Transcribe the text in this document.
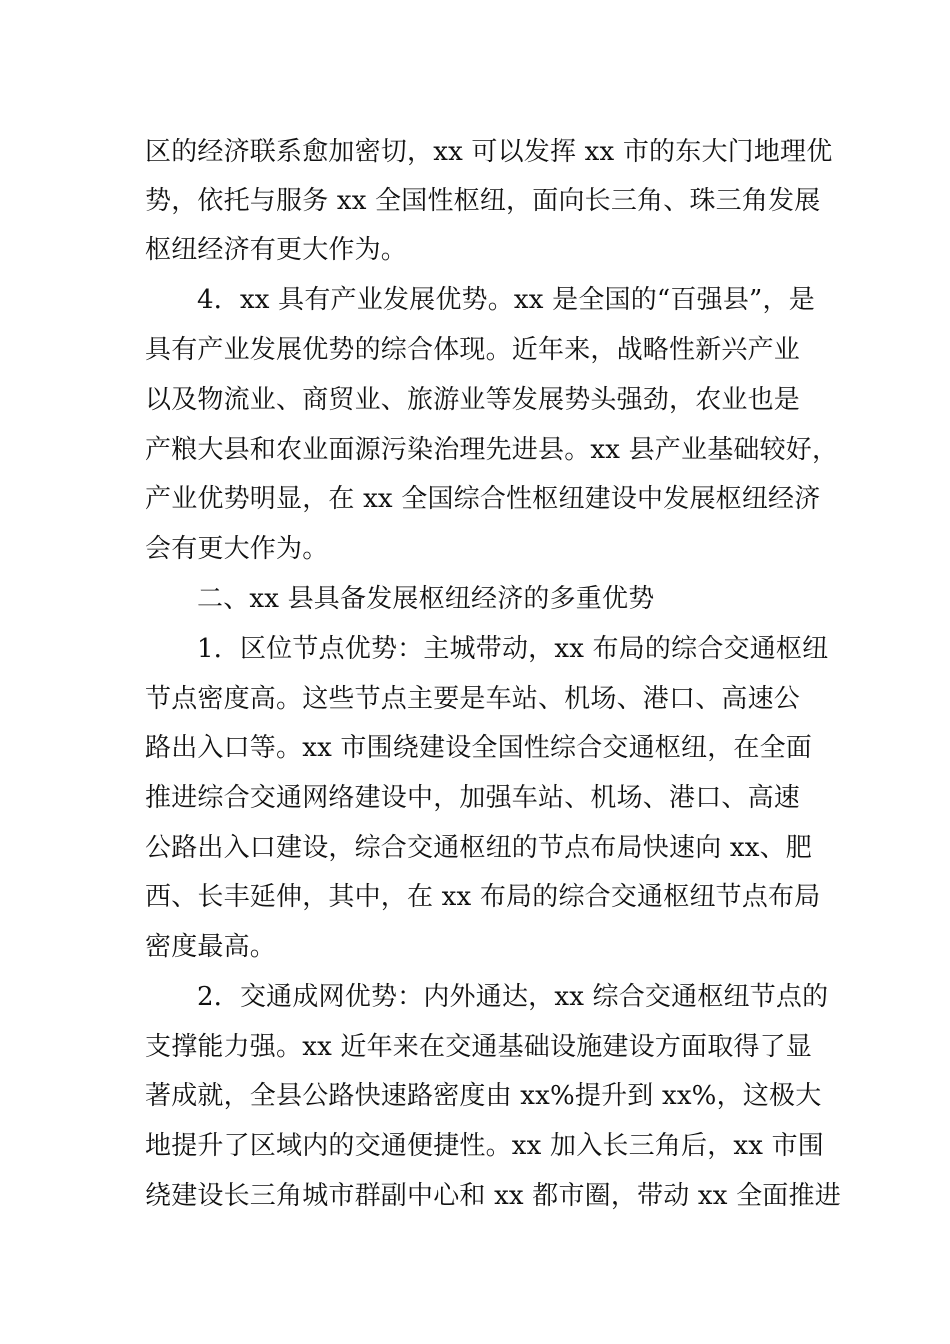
区的经济联系愈加密切，xx 可以发挥 xx 市的东大门地理优
势，依托与服务 xx 全国性枢纽，面向长三角、珠三角发展
枢纽经济有更大作为。
4．xx 具有产业发展优势。xx 是全国的“百强县”，是
具有产业发展优势的综合体现。近年来，战略性新兴产业
以及物流业、商贸业、旅游业等发展势头强劲，农业也是
产粮大县和农业面源污染治理先进县。xx 县产业基础较好，
产业优势明显，在 xx 全国综合性枢纽建设中发展枢纽经济
会有更大作为。
二、xx 县具备发展枢纽经济的多重优势
1．区位节点优势：主城带动，xx 布局的综合交通枢纽
节点密度高。这些节点主要是车站、机场、港口、高速公
路出入口等。xx 市围绕建设全国性综合交通枢纽，在全面
推进综合交通网络建设中，加强车站、机场、港口、高速
公路出入口建设，综合交通枢纽的节点布局快速向 xx、肥
西、长丰延伸，其中，在 xx 布局的综合交通枢纽节点布局
密度最高。
2．交通成网优势：内外通达，xx 综合交通枢纽节点的
支撑能力强。xx 近年来在交通基础设施建设方面取得了显
著成就，全县公路快速路密度由 xx%提升到 xx%，这极大
地提升了区域内的交通便捷性。xx 加入长三角后，xx 市围
绕建设长三角城市群副中心和 xx 都市圈，带动 xx 全面推进
